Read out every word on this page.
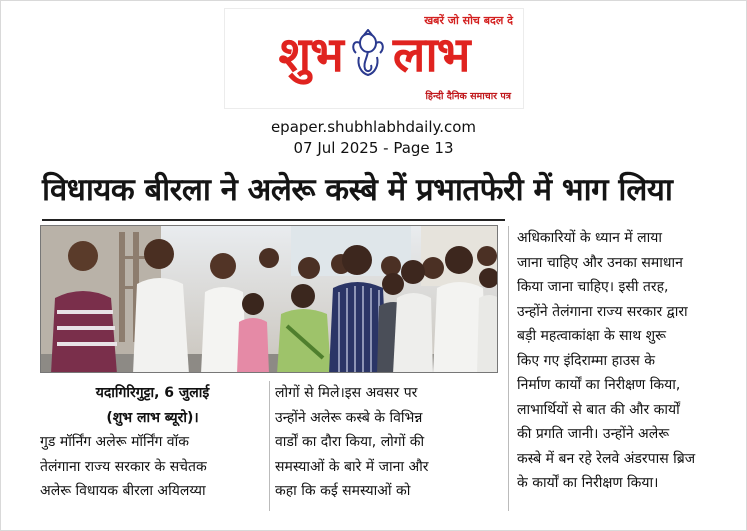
खबरें जो सोच बदल दे
शुभ लाभ
हिन्दी दैनिक समाचार पत्र
epaper.shubhlabhdaily.com
07 Jul 2025 - Page 13
विधायक बीरला ने अलेरू कस्बे में प्रभातफेरी में भाग लिया
यदागिरिगुट्टा, 6 जुलाई
(शुभ लाभ ब्यूरो)।
गुड मॉर्निंग अलेरू मॉर्निंग वॉक
तेलंगाना राज्य सरकार के सचेतक
अलेरू विधायक बीरला अयिलय्या
लोगों से मिले।इस अवसर पर
उन्होंने अलेरू कस्बे के विभिन्न
वार्डों का दौरा किया, लोगों की
समस्याओं के बारे में जाना और
कहा कि कई समस्याओं को
अधिकारियों के ध्यान में लाया
जाना चाहिए और उनका समाधान
किया जाना चाहिए। इसी तरह,
उन्होंने तेलंगाना राज्य सरकार द्वारा
बड़ी महत्वाकांक्षा के साथ शुरू
किए गए इंदिराम्मा हाउस के
निर्माण कार्यों का निरीक्षण किया,
लाभार्थियों से बात की और कार्यों
की प्रगति जानी। उन्होंने अलेरू
कस्बे में बन रहे रेलवे अंडरपास ब्रिज
के कार्यों का निरीक्षण किया।
